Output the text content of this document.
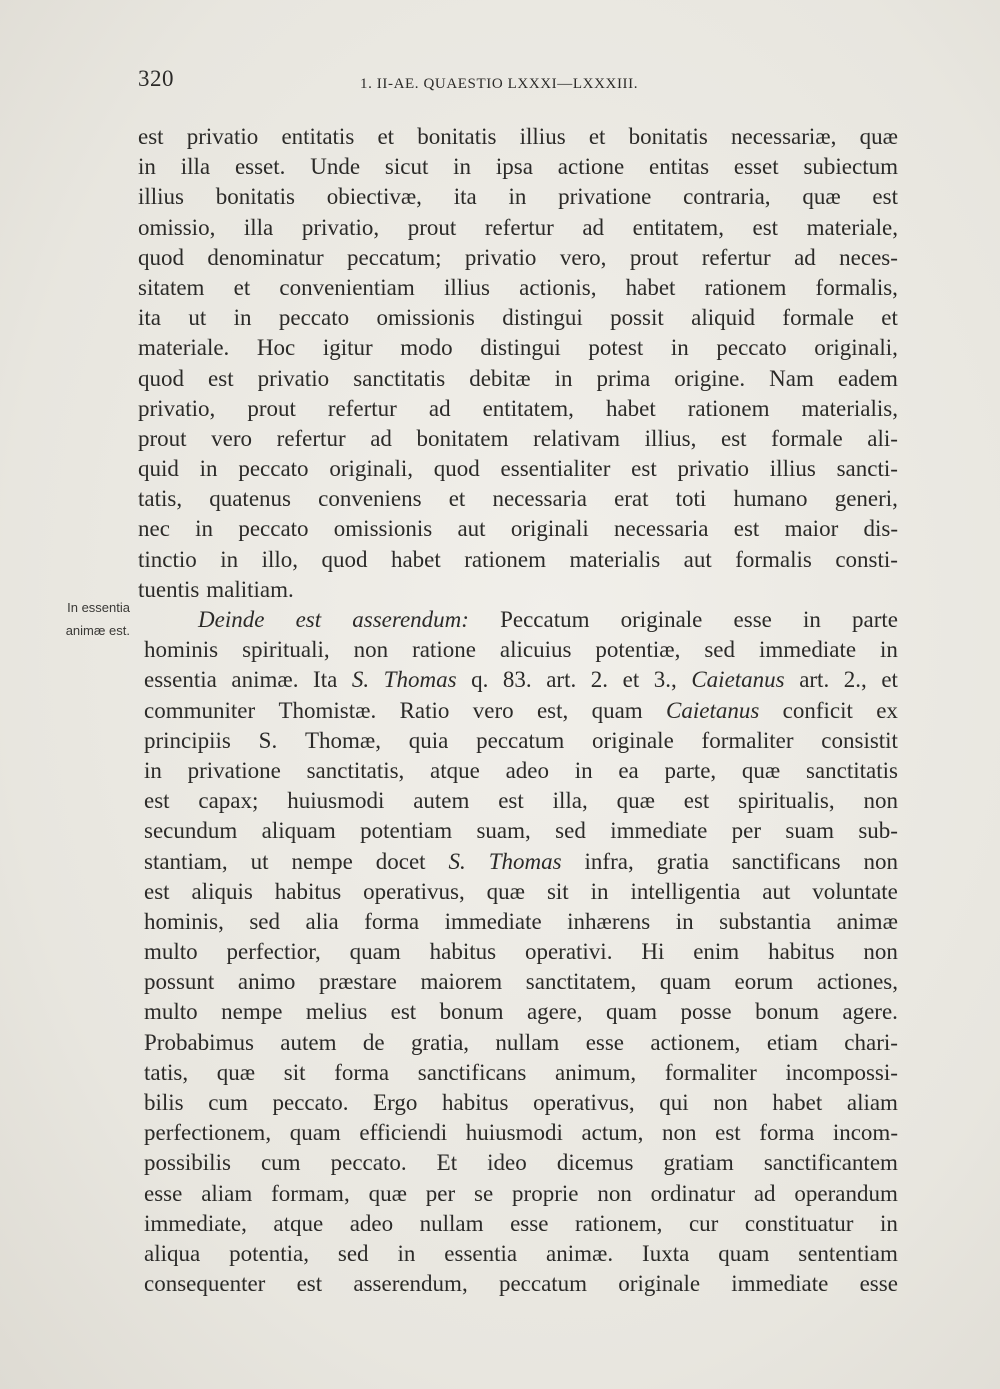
320	1. II-AE. QUAESTIO LXXXI—LXXXIII.
In essentia
animæ est.
est privatio entitatis et bonitatis illius et bonitatis necessariæ, quæ
in illa esset. Unde sicut in ipsa actione entitas esset subiectum
illius bonitatis obiectivæ, ita in privatione contraria, quæ est
omissio, illa privatio, prout refertur ad entitatem, est materiale,
quod denominatur peccatum; privatio vero, prout refertur ad neces-
sitatem et convenientiam illius actionis, habet rationem formalis,
ita ut in peccato omissionis distingui possit aliquid formale et
materiale. Hoc igitur modo distingui potest in peccato originali,
quod est privatio sanctitatis debitæ in prima origine. Nam eadem
privatio, prout refertur ad entitatem, habet rationem materialis,
prout vero refertur ad bonitatem relativam illius, est formale ali-
quid in peccato originali, quod essentialiter est privatio illius sancti-
tatis, quatenus conveniens et necessaria erat toti humano generi,
nec in peccato omissionis aut originali necessaria est maior dis-
tinctio in illo, quod habet rationem materialis aut formalis consti-
tuentis malitiam.
Deinde est asserendum: Peccatum originale esse in parte
hominis spirituali, non ratione alicuius potentiæ, sed immediate in
essentia animæ. Ita S. Thomas q. 83. art. 2. et 3., Caietanus art. 2., et
communiter Thomistæ. Ratio vero est, quam Caietanus conficit ex
principiis S. Thomæ, quia peccatum originale formaliter consistit
in privatione sanctitatis, atque adeo in ea parte, quæ sanctitatis
est capax; huiusmodi autem est illa, quæ est spiritualis, non
secundum aliquam potentiam suam, sed immediate per suam sub-
stantiam, ut nempe docet S. Thomas infra, gratia sanctificans non
est aliquis habitus operativus, quæ sit in intelligentia aut voluntate
hominis, sed alia forma immediate inhærens in substantia animæ
multo perfectior, quam habitus operativi. Hi enim habitus non
possunt animo præstare maiorem sanctitatem, quam eorum actiones,
multo nempe melius est bonum agere, quam posse bonum agere.
Probabimus autem de gratia, nullam esse actionem, etiam chari-
tatis, quæ sit forma sanctificans animum, formaliter incompossi-
bilis cum peccato. Ergo habitus operativus, qui non habet aliam
perfectionem, quam efficiendi huiusmodi actum, non est forma incom-
possibilis cum peccato. Et ideo dicemus gratiam sanctificantem
esse aliam formam, quæ per se proprie non ordinatur ad operandum
immediate, atque adeo nullam esse rationem, cur constituatur in
aliqua potentia, sed in essentia animæ. Iuxta quam sententiam
consequenter est asserendum, peccatum originale immediate esse
